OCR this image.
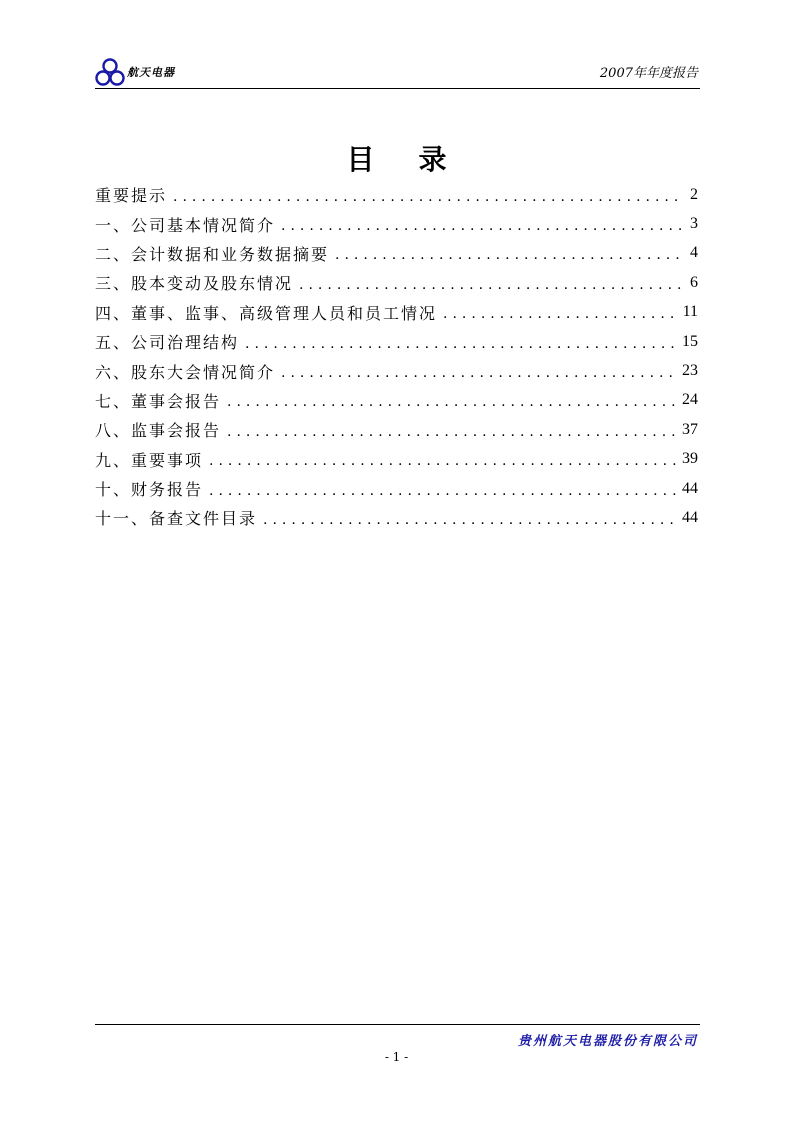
航天电器	2007年年度报告
目录
重要提示 .....	2
一、公司基本情况简介 .....	3
二、会计数据和业务数据摘要 .....	4
三、股本变动及股东情况 .....	6
四、董事、监事、高级管理人员和员工情况 .....	11
五、公司治理结构 .....	15
六、股东大会情况简介 .....	23
七、董事会报告 .....	24
八、监事会报告 .....	37
九、重要事项 .....	39
十、财务报告 .....	44
十一、备查文件目录 .....	44
贵州航天电器股份有限公司
- 1 -
